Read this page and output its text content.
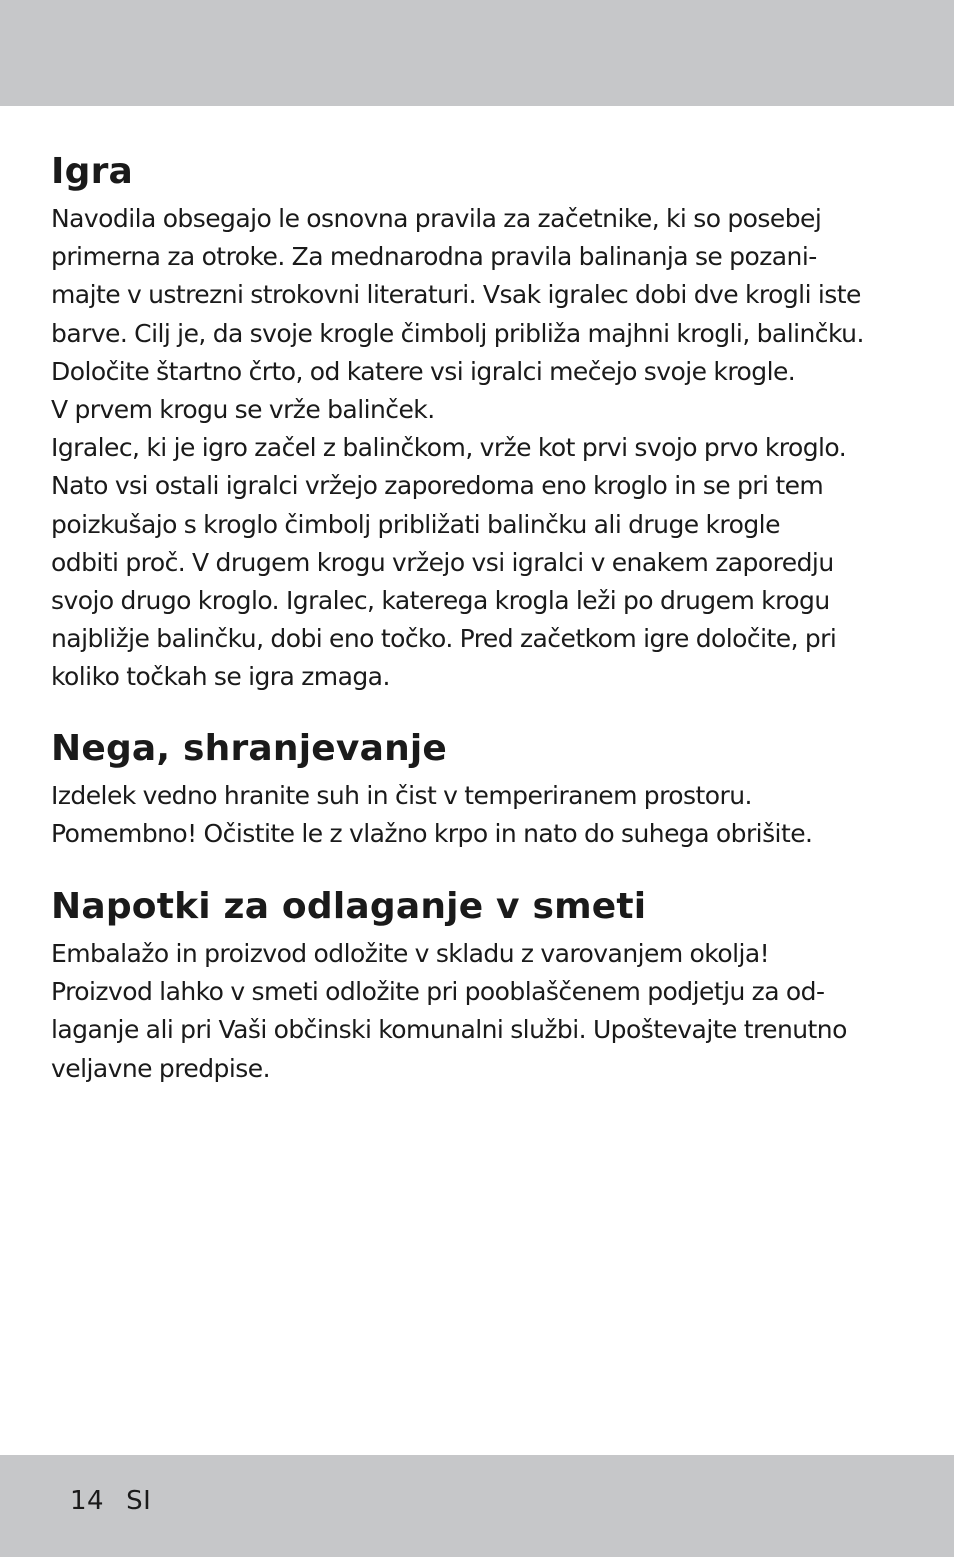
Igra
Navodila obsegajo le osnovna pravila za začetnike, ki so posebej
primerna za otroke. Za mednarodna pravila balinanja se pozani-
majte v ustrezni strokovni literaturi. Vsak igralec dobi dve krogli iste
barve. Cilj je, da svoje krogle čimbolj približa majhni krogli, balinčku.
Določite štartno črto, od katere vsi igralci mečejo svoje krogle.
V prvem krogu se vrže balinček.
Igralec, ki je igro začel z balinčkom, vrže kot prvi svojo prvo kroglo.
Nato vsi ostali igralci vržejo zaporedoma eno kroglo in se pri tem
poizkušajo s kroglo čimbolj približati balinčku ali druge krogle
odbiti proč. V drugem krogu vržejo vsi igralci v enakem zaporedju
svojo drugo kroglo. Igralec, katerega krogla leži po drugem krogu
najbližje balinčku, dobi eno točko. Pred začetkom igre določite, pri
koliko točkah se igra zmaga.
Nega, shranjevanje
Izdelek vedno hranite suh in čist v temperiranem prostoru.
Pomembno! Očistite le z vlažno krpo in nato do suhega obrišite.
Napotki za odlaganje v smeti
Embalažo in proizvod odložite v skladu z varovanjem okolja!
Proizvod lahko v smeti odložite pri pooblaščenem podjetju za od-
laganje ali pri Vaši občinski komunalni službi. Upoštevajte trenutno
veljavne predpise.
14 SI
